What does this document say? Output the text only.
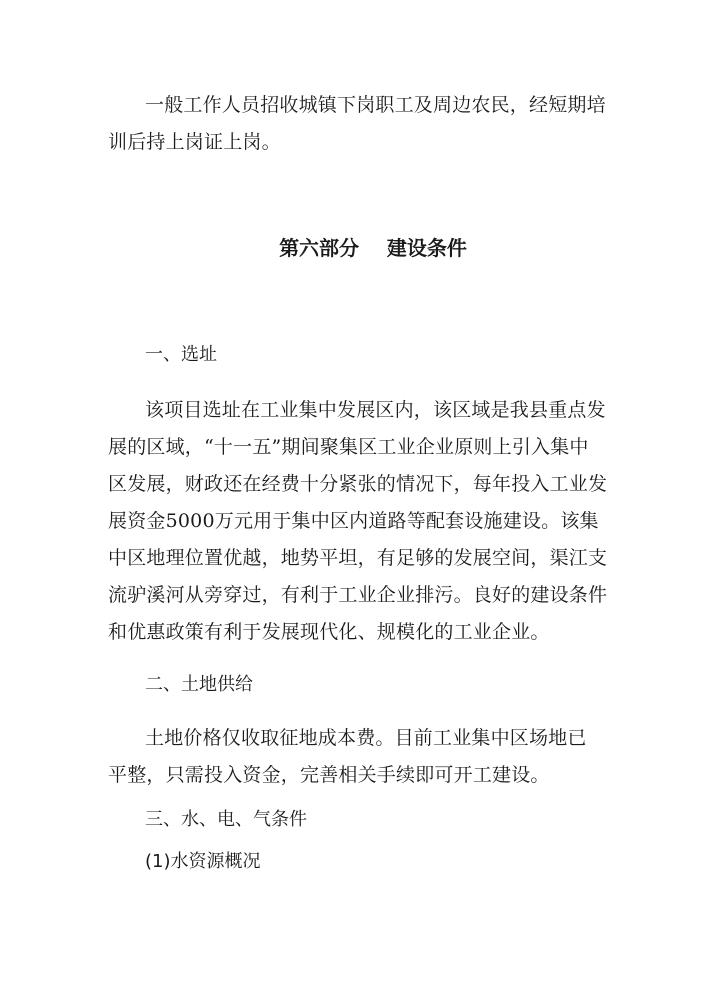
一般工作人员招收城镇下岗职工及周边农民，经短期培
训后持上岗证上岗。
第六部分    建设条件
一、选址
该项目选址在工业集中发展区内，该区域是我县重点发
展的区域，“十一五”期间聚集区工业企业原则上引入集中
区发展，财政还在经费十分紧张的情况下，每年投入工业发
展资金5000万元用于集中区内道路等配套设施建设。该集
中区地理位置优越，地势平坦，有足够的发展空间，渠江支
流驴溪河从旁穿过，有利于工业企业排污。良好的建设条件
和优惠政策有利于发展现代化、规模化的工业企业。
二、土地供给
土地价格仅收取征地成本费。目前工业集中区场地已
平整，只需投入资金，完善相关手续即可开工建设。
三、水、电、气条件
(1)水资源概况
